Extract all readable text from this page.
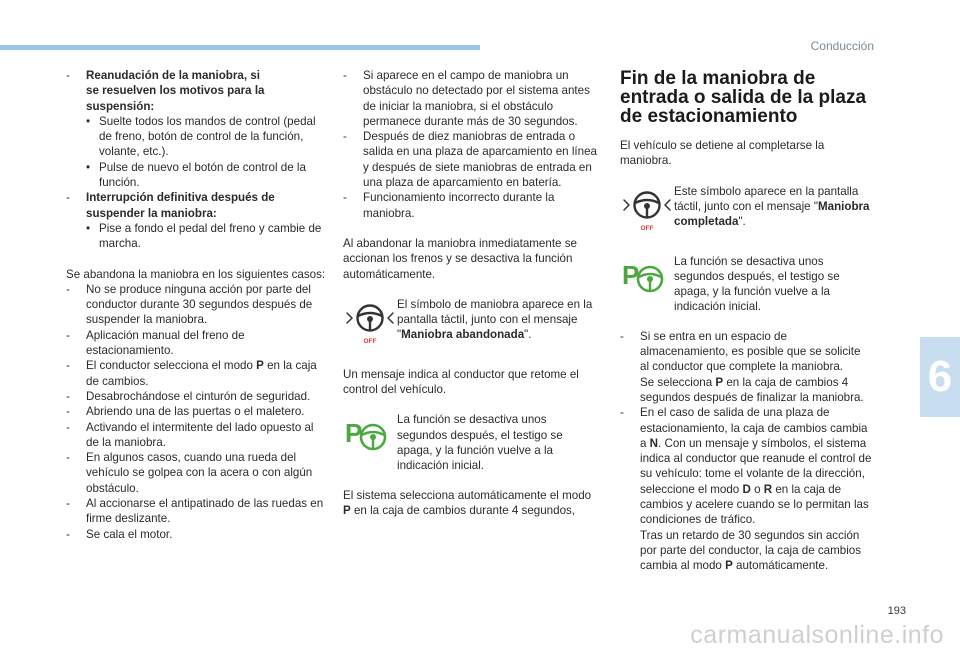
Conducción
- Reanudación de la maniobra, si
se resuelven los motivos para la
suspensión:
• Suelte todos los mandos de control (pedal de freno, botón de control de la función, volante, etc.).
• Pulse de nuevo el botón de control de la función.
- Interrupción definitiva después de suspender la maniobra:
• Pise a fondo el pedal del freno y cambie de marcha.
Se abandona la maniobra en los siguientes casos:
- No se produce ninguna acción por parte del conductor durante 30 segundos después de suspender la maniobra.
- Aplicación manual del freno de estacionamiento.
- El conductor selecciona el modo P en la caja de cambios.
- Desabrochándose el cinturón de seguridad.
- Abriendo una de las puertas o el maletero.
- Activando el intermitente del lado opuesto al de la maniobra.
- En algunos casos, cuando una rueda del vehículo se golpea con la acera o con algún obstáculo.
- Al accionarse el antipatinado de las ruedas en firme deslizante.
- Se cala el motor.
- Si aparece en el campo de maniobra un obstáculo no detectado por el sistema antes de iniciar la maniobra, si el obstáculo permanece durante más de 30 segundos.
- Después de diez maniobras de entrada o salida en una plaza de aparcamiento en línea y después de siete maniobras de entrada en una plaza de aparcamiento en batería.
- Funcionamiento incorrecto durante la maniobra.
Al abandonar la maniobra inmediatamente se accionan los frenos y se desactiva la función automáticamente.
OFF
El símbolo de maniobra aparece en la pantalla táctil, junto con el mensaje "Maniobra abandonada".
Un mensaje indica al conductor que retome el control del vehículo.
P	La función se desactiva unos segundos después, el testigo se apaga, y la función vuelve a la indicación inicial.
El sistema selecciona automáticamente el modo P en la caja de cambios durante 4 segundos,
Fin de la maniobra de entrada o salida de la plaza de estacionamiento
El vehículo se detiene al completarse la maniobra.
OFF
Este símbolo aparece en la pantalla táctil, junto con el mensaje "Maniobra completada".
P	La función se desactiva unos segundos después, el testigo se apaga, y la función vuelve a la indicación inicial.
- Si se entra en un espacio de almacenamiento, es posible que se solicite al conductor que complete la maniobra.
Se selecciona P en la caja de cambios 4 segundos después de finalizar la maniobra.
- En el caso de salida de una plaza de estacionamiento, la caja de cambios cambia a N. Con un mensaje y símbolos, el sistema indica al conductor que reanude el control de su vehículo: tome el volante de la dirección, seleccione el modo D o R en la caja de cambios y acelere cuando se lo permitan las condiciones de tráfico.
Tras un retardo de 30 segundos sin acción por parte del conductor, la caja de cambios cambia al modo P automáticamente.
6
193
carmanualsonline.info
